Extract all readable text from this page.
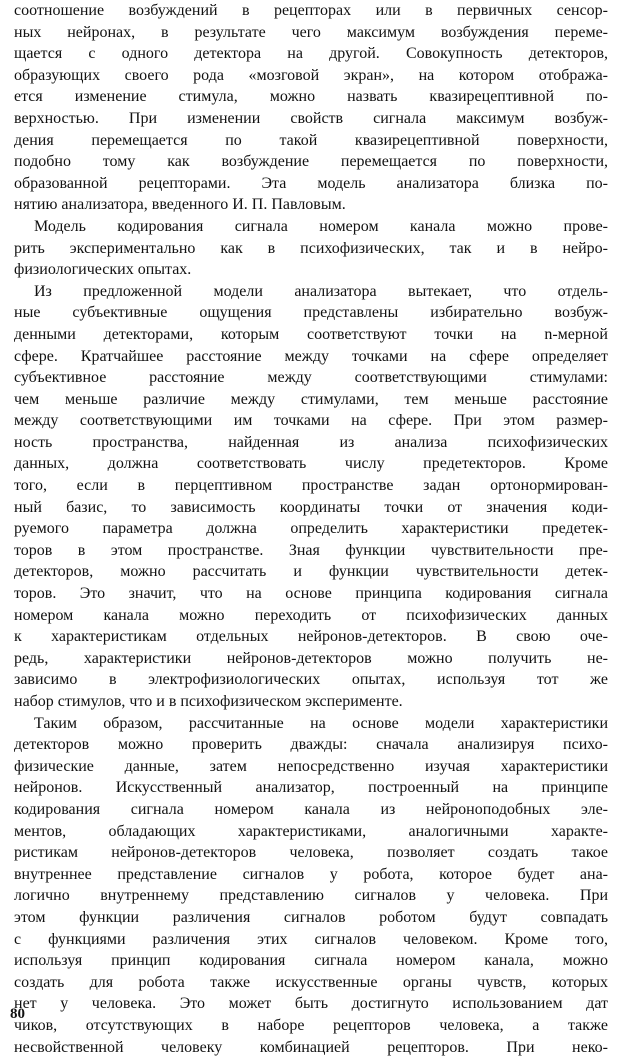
соотношение возбуждений в рецепторах или в первичных сенсор-
ных нейронах, в результате чего максимум возбуждения переме-
щается с одного детектора на другой. Совокупность детекторов,
образующих своего рода «мозговой экран», на котором отобража-
ется изменение стимула, можно назвать квазирецептивной по-
верхностью. При изменении свойств сигнала максимум возбуж-
дения перемещается по такой квазирецептивной поверхности,
подобно тому как возбуждение перемещается по поверхности,
образованной рецепторами. Эта модель анализатора близка по-
нятию анализатора, введенного И. П. Павловым.
Модель кодирования сигнала номером канала можно прове-
рить экспериментально как в психофизических, так и в нейро-
физиологических опытах.
Из предложенной модели анализатора вытекает, что отдель-
ные субъективные ощущения представлены избирательно возбуж-
денными детекторами, которым соответствуют точки на n-мерной
сфере. Кратчайшее расстояние между точками на сфере определяет
субъективное расстояние между соответствующими стимулами:
чем меньше различие между стимулами, тем меньше расстояние
между соответствующими им точками на сфере. При этом размер-
ность пространства, найденная из анализа психофизических
данных, должна соответствовать числу предетекторов. Кроме
того, если в перцептивном пространстве задан ортонормирован-
ный базис, то зависимость координаты точки от значения коди-
руемого параметра должна определить характеристики предетек-
торов в этом пространстве. Зная функции чувствительности пре-
детекторов, можно рассчитать и функции чувствительности детек-
торов. Это значит, что на основе принципа кодирования сигнала
номером канала можно переходить от психофизических данных
к характеристикам отдельных нейронов-детекторов. В свою оче-
редь, характеристики нейронов-детекторов можно получить не-
зависимо в электрофизиологических опытах, используя тот же
набор стимулов, что и в психофизическом эксперименте.
Таким образом, рассчитанные на основе модели характеристики
детекторов можно проверить дважды: сначала анализируя психо-
физические данные, затем непосредственно изучая характеристики
нейронов. Искусственный анализатор, построенный на принципе
кодирования сигнала номером канала из нейроноподобных эле-
ментов, обладающих характеристиками, аналогичными характе-
ристикам нейронов-детекторов человека, позволяет создать такое
внутреннее представление сигналов у робота, которое будет ана-
логично внутреннему представлению сигналов у человека. При
этом функции различения сигналов роботом будут совпадать
с функциями различения этих сигналов человеком. Кроме того,
используя принцип кодирования сигнала номером канала, можно
создать для робота также искусственные органы чувств, которых
нет у человека. Это может быть достигнуто использованием дат
чиков, отсутствующих в наборе рецепторов человека, а также
несвойственной человеку комбинацией рецепторов. При неко-
80
